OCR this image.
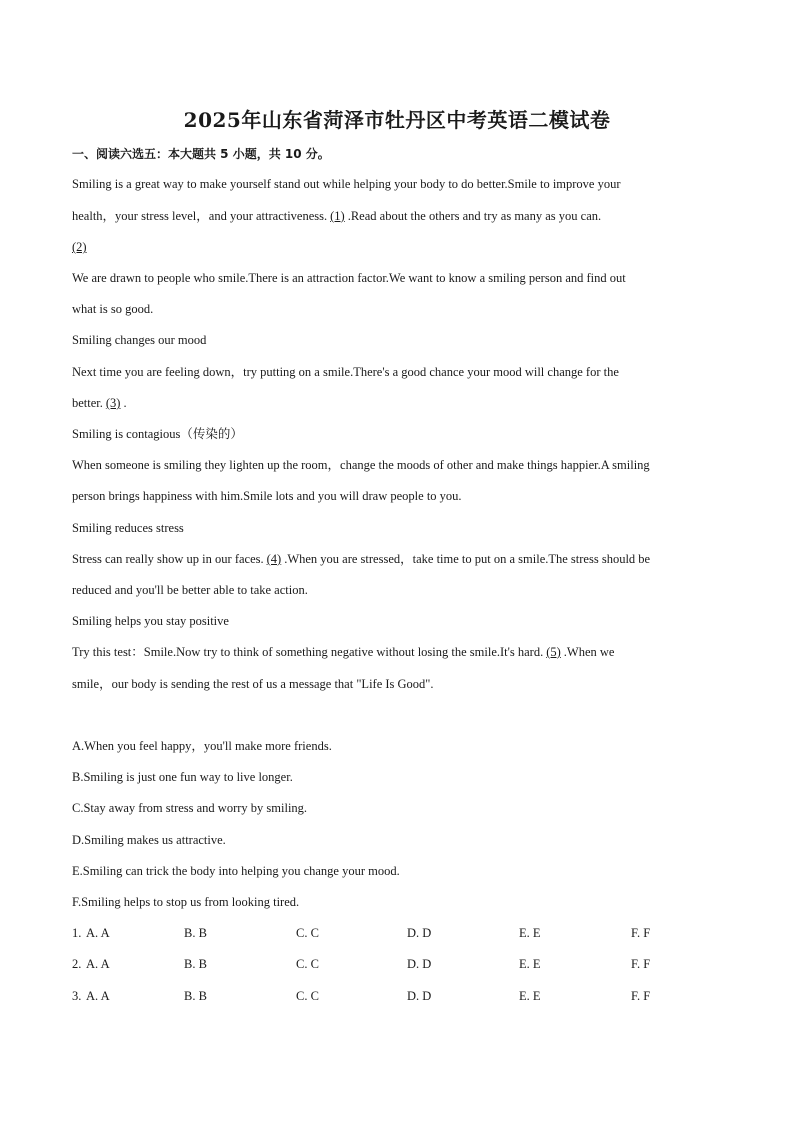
2025年山东省菏泽市牡丹区中考英语二模试卷
一、阅读六选五：本大题共 5 小题，共 10 分。
Smiling is a great way to make yourself stand out while helping your body to do better.Smile to improve your
health，your stress level，and your attractiveness. (1) .Read about the others and try as many as you can.
(2)
We are drawn to people who smile.There is an attraction factor.We want to know a smiling person and find out
what is so good.
Smiling changes our mood
Next time you are feeling down，try putting on a smile.There's a good chance your mood will change for the
better. (3) .
Smiling is contagious（传染的）
When someone is smiling they lighten up the room，change the moods of other and make things happier.A smiling
person brings happiness with him.Smile lots and you will draw people to you.
Smiling reduces stress
Stress can really show up in our faces. (4) .When you are stressed，take time to put on a smile.The stress should be
reduced and you'll be better able to take action.
Smiling helps you stay positive
Try this test：Smile.Now try to think of something negative without losing the smile.It's hard. (5) .When we
smile，our body is sending the rest of us a message that "Life Is Good".
A.When you feel happy，you'll make more friends.
B.Smiling is just one fun way to live longer.
C.Stay away from stress and worry by smiling.
D.Smiling makes us attractive.
E.Smiling can trick the body into helping you change your mood.
F.Smiling helps to stop us from looking tired.
1. A. A	B. B	C. C	D. D	E. E	F. F
2. A. A	B. B	C. C	D. D	E. E	F. F
3. A. A	B. B	C. C	D. D	E. E	F. F
